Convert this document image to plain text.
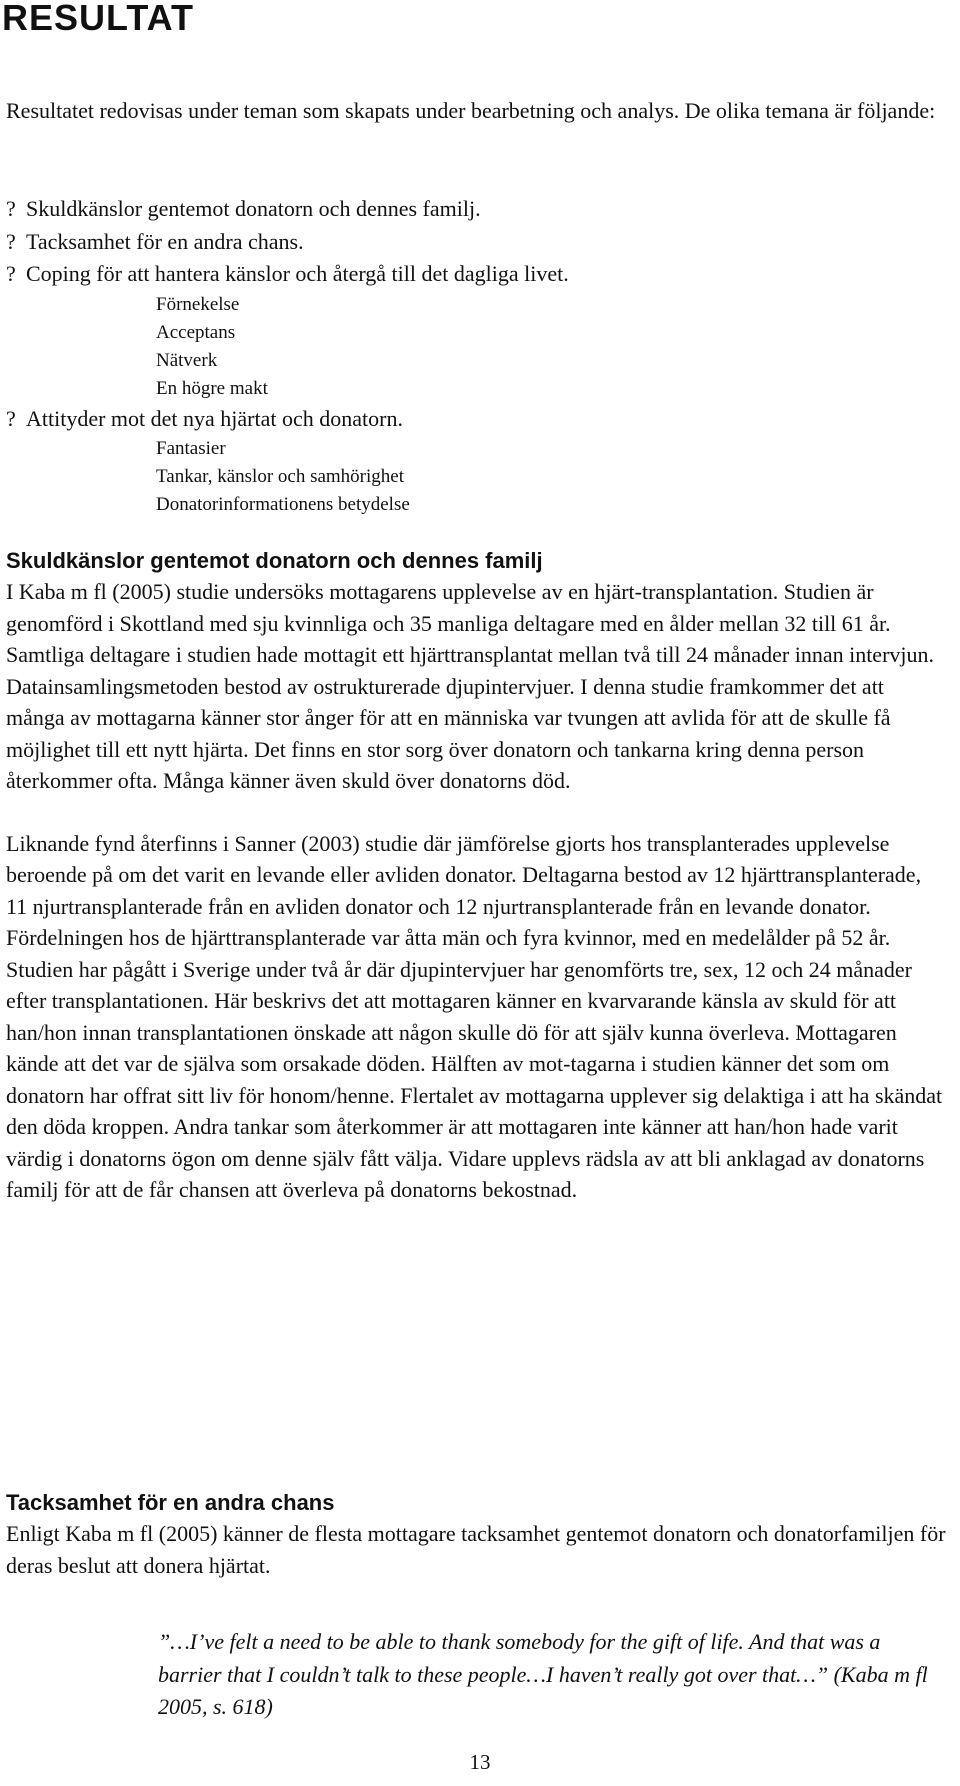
RESULTAT

Resultatet redovisas under teman som skapats under bearbetning och analys. De olika temana är följande:

? Skuldkänslor gentemot donatorn och dennes familj.
? Tacksamhet för en andra chans.
? Coping för att hantera känslor och återgå till det dagliga livet.
Förnekelse
Acceptans
Nätverk
En högre makt
? Attityder mot det nya hjärtat och donatorn.
Fantasier
Tankar, känslor och samhörighet
Donatorinformationens betydelse
Skuldkänslor gentemot donatorn och dennes familj

I Kaba m fl (2005) studie undersöks mottagarens upplevelse av en hjärt-transplantation. Studien är genomförd i Skottland med sju kvinnliga och 35 manliga deltagare med en ålder mellan 32 till 61 år. Samtliga deltagare i studien hade mottagit ett hjärttransplantat mellan två till 24 månader innan intervjun. Datainsamlingsmetoden bestod av ostrukturerade djupintervjuer. I denna studie framkommer det att många av mottagarna känner stor ånger för att en människa var tvungen att avlida för att de skulle få möjlighet till ett nytt hjärta. Det finns en stor sorg över donatorn och tankarna kring denna person återkommer ofta. Många känner även skuld över donatorns död.

Liknande fynd återfinns i Sanner (2003) studie där jämförelse gjorts hos transplanterades upplevelse beroende på om det varit en levande eller avliden donator. Deltagarna bestod av 12 hjärttransplanterade, 11 njurtransplanterade från en avliden donator och 12 njurtransplanterade från en levande donator. Fördelningen hos de hjärttransplanterade var åtta män och fyra kvinnor, med en medelålder på 52 år. Studien har pågått i Sverige under två år där djupintervjuer har genomförts tre, sex, 12 och 24 månader efter transplantationen. Här beskrivs det att mottagaren känner en kvarvarande känsla av skuld för att han/hon innan transplantationen önskade att någon skulle dö för att själv kunna överleva. Mottagaren kände att det var de själva som orsakade döden. Hälften av mot-tagarna i studien känner det som om donatorn har offrat sitt liv för honom/henne. Flertalet av mottagarna upplever sig delaktiga i att ha skändat den döda kroppen. Andra tankar som återkommer är att mottagaren inte känner att han/hon hade varit värdig i donatorns ögon om denne själv fått välja. Vidare upplevs rädsla av att bli anklagad av donatorns familj för att de får chansen att överleva på donatorns bekostnad.

Tacksamhet för en andra chans

Enligt Kaba m fl (2005) känner de flesta mottagare tacksamhet gentemot donatorn och donatorfamiljen för deras beslut att donera hjärtat.

”…I’ve felt a need to be able to thank somebody for the gift of life. And that was a barrier that I couldn’t talk to these people…I haven’t really got over that…” (Kaba m fl 2005, s. 618)

13
